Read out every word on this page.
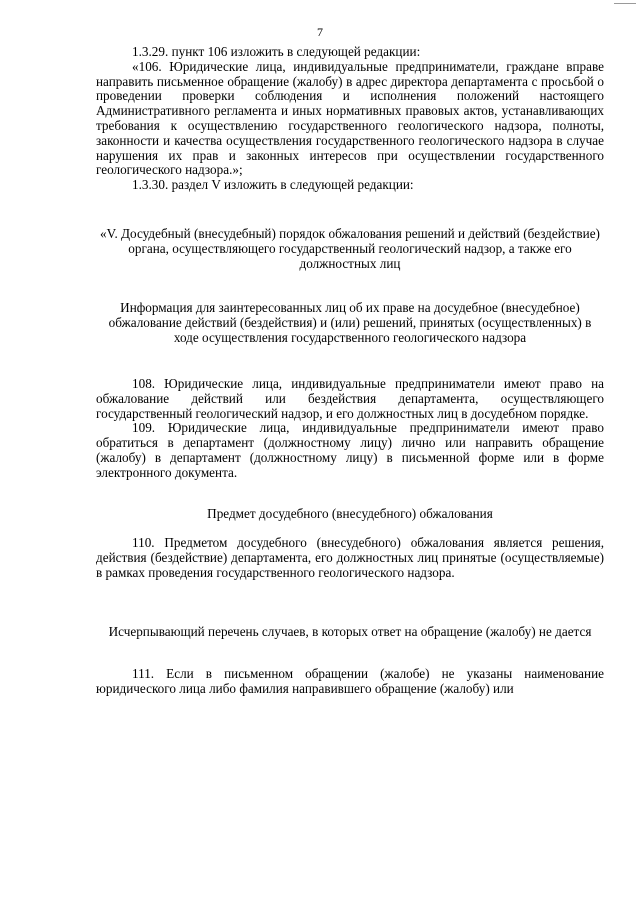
7

1.3.29. пункт 106 изложить в следующей редакции:

«106. Юридические лица, индивидуальные предприниматели, граждане вправе направить письменное обращение (жалобу) в адрес директора департамента с просьбой о проведении проверки соблюдения и исполнения положений настоящего Административного регламента и иных нормативных правовых актов, устанавливающих требования к осуществлению государственного геологического надзора, полноты, законности и качества осуществления государственного геологического надзора в случае нарушения их прав и законных интересов при осуществлении государственного геологического надзора.»;

1.3.30. раздел V изложить в следующей редакции:

«V. Досудебный (внесудебный) порядок обжалования решений и действий (бездействие) органа, осуществляющего государственный геологический надзор, а также его должностных лиц

Информация для заинтересованных лиц об их праве на досудебное (внесудебное) обжалование действий (бездействия) и (или) решений, принятых (осуществленных) в ходе осуществления государственного геологического надзора

108. Юридические лица, индивидуальные предприниматели имеют право на обжалование действий или бездействия департамента, осуществляющего государственный геологический надзор, и его должностных лиц в досудебном порядке.

109. Юридические лица, индивидуальные предприниматели имеют право обратиться в департамент (должностному лицу) лично или направить обращение (жалобу) в департамент (должностному лицу) в письменной форме или в форме электронного документа.

Предмет досудебного (внесудебного) обжалования

110. Предметом досудебного (внесудебного) обжалования является решения, действия (бездействие) департамента, его должностных лиц принятые (осуществляемые) в рамках проведения государственного геологического надзора.

Исчерпывающий перечень случаев, в которых ответ на обращение (жалобу) не дается

111. Если в письменном обращении (жалобе) не указаны наименование юридического лица либо фамилия направившего обращение (жалобу) или
